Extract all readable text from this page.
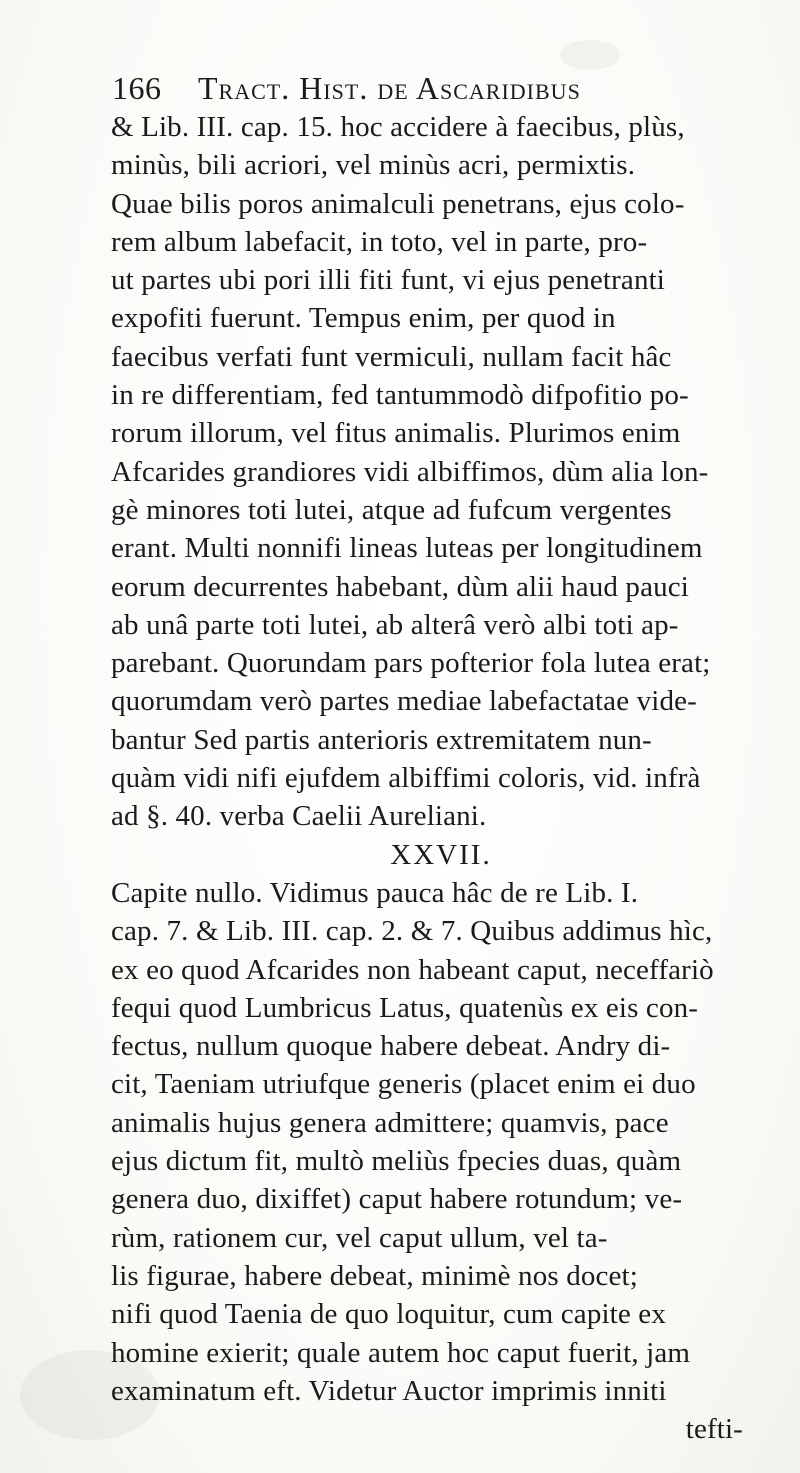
166 Tract. Hist. de Ascaridibus
& Lib. III. cap. 15. hoc accidere à faecibus, plùs,
minùs, bili acriori, vel minùs acri, permixtis.
Quae bilis poros animalculi penetrans, ejus colo-
rem album labefacit, in toto, vel in parte, pro-
ut partes ubi pori illi fiti funt, vi ejus penetranti
expofiti fuerunt. Tempus enim, per quod in
faecibus verfati funt vermiculi, nullam facit hâc
in re differentiam, fed tantummodò difpofitio po-
rorum illorum, vel fitus animalis. Plurimos enim
Afcarides grandiores vidi albiffimos, dùm alia lon-
gè minores toti lutei, atque ad fufcum vergentes
erant. Multi nonnifi lineas luteas per longitudinem
eorum decurrentes habebant, dùm alii haud pauci
ab unâ parte toti lutei, ab alterâ verò albi toti ap-
parebant. Quorundam pars pofterior fola lutea erat;
quorumdam verò partes mediae labefactatae vide-
bantur Sed partis anterioris extremitatem nun-
quàm vidi nifi ejufdem albiffimi coloris, vid. infrà
ad §. 40. verba Caelii Aureliani.
XXVII.
Capite nullo. Vidimus pauca hâc de re Lib. I.
cap. 7. & Lib. III. cap. 2. & 7. Quibus addimus hìc,
ex eo quod Afcarides non habeant caput, neceffariò
fequi quod Lumbricus Latus, quatenùs ex eis con-
fectus, nullum quoque habere debeat. Andry di-
cit, Taeniam utriufque generis (placet enim ei duo
animalis hujus genera admittere; quamvis, pace
ejus dictum fit, multò meliùs fpecies duas, quàm
genera duo, dixiffet) caput habere rotundum; ve-
rùm, rationem cur, vel caput ullum, vel ta-
lis figurae, habere debeat, minimè nos docet;
nifi quod Taenia de quo loquitur, cum capite ex
homine exierit; quale autem hoc caput fuerit, jam
examinatum eft. Videtur Auctor imprimis inniti
tefti-
